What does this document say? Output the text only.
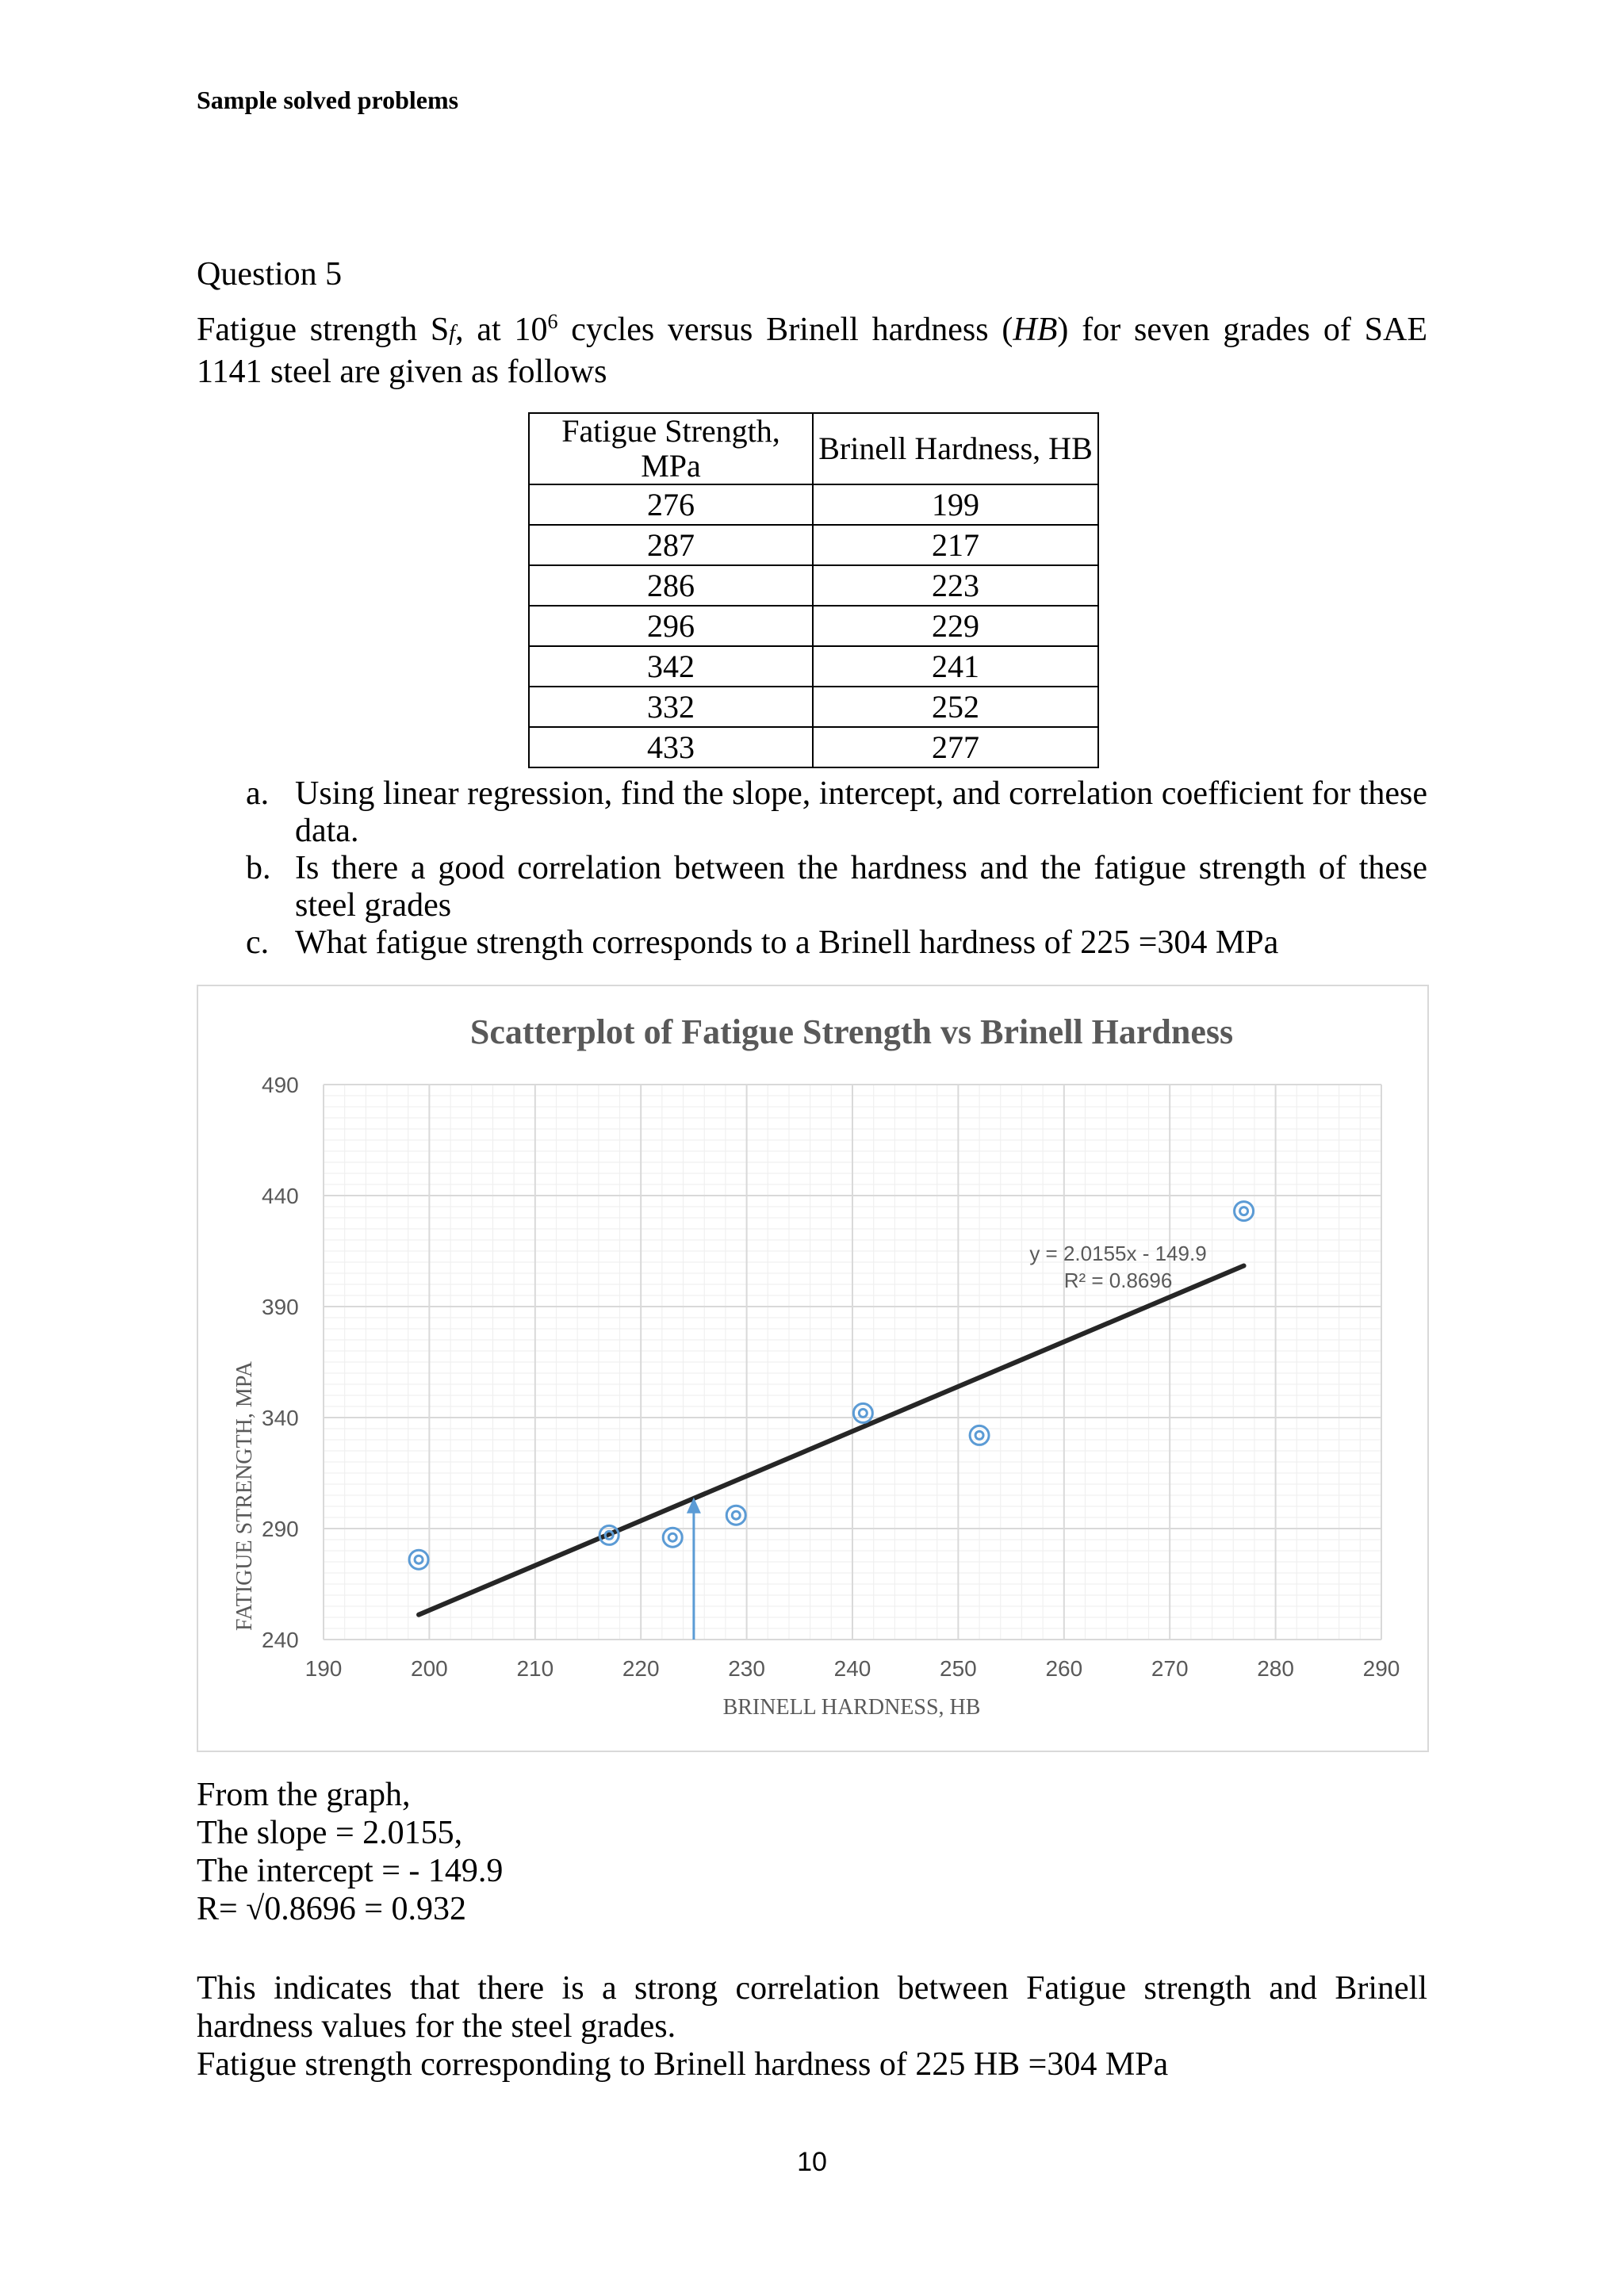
Sample solved problems
Question 5
Fatigue strength Sf, at $10^6$ cycles versus Brinell hardness (HB) for seven grades of SAE 1141 steel are given as follows
Fatigue Strength, MPa	Brinell Hardness, HB
276	199
287	217
286	223
296	229
342	241
332	252
433	277
a. Using linear regression, find the slope, intercept, and correlation coefficient for these data.
b. Is there a good correlation between the hardness and the fatigue strength of these steel grades
c. What fatigue strength corresponds to a Brinell hardness of 225 =304 MPa
190	200	210	220	230	240	250	260	270	280	290
240
290
340
390
440
490
Scatterplot of Fatigue Strength vs Brinell Hardness
BRINELL HARDNESS, HB
FATIGUE STRENGTH, MPA
y = 2.0155x - 149.9
R² = 0.8696
From the graph,
The slope = 2.0155,
The intercept = - 149.9
R= √0.8696 = 0.932
This indicates that there is a strong correlation between Fatigue strength and Brinell hardness values for the steel grades.
Fatigue strength corresponding to Brinell hardness of 225 HB =304 MPa
10
